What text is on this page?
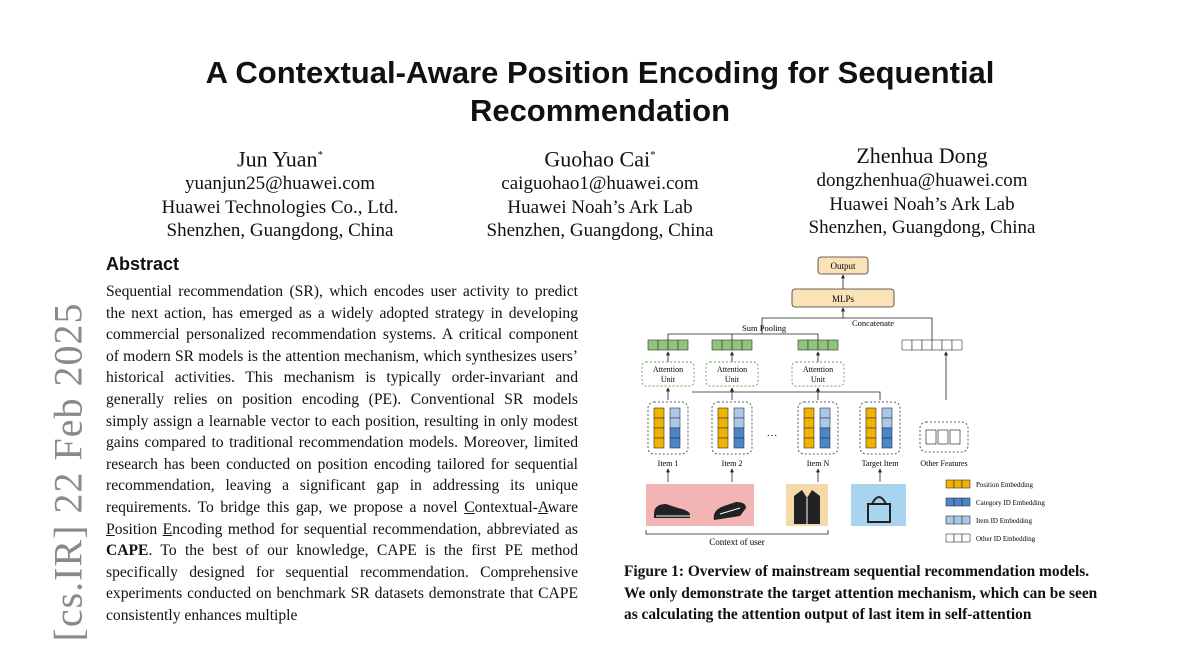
[cs.IR] 22 Feb 2025
A Contextual-Aware Position Encoding for Sequential Recommendation
Jun Yuan*
yuanjun25@huawei.com
Huawei Technologies Co., Ltd.
Shenzhen, Guangdong, China
Guohao Cai*
caiguohao1@huawei.com
Huawei Noah’s Ark Lab
Shenzhen, Guangdong, China
Zhenhua Dong
dongzhenhua@huawei.com
Huawei Noah’s Ark Lab
Shenzhen, Guangdong, China
Abstract
Sequential recommendation (SR), which encodes user activity to predict the next action, has emerged as a widely adopted strategy in developing commercial personalized recommendation systems. A critical component of modern SR models is the attention mechanism, which synthesizes users’ historical activities. This mechanism is typically order-invariant and generally relies on position encoding (PE). Conventional SR models simply assign a learnable vector to each position, resulting in only modest gains compared to traditional recommendation models. Moreover, limited research has been conducted on position encoding tailored for sequential recommendation, leaving a significant gap in addressing its unique requirements. To bridge this gap, we propose a novel Contextual-Aware Position Encoding method for sequential recommendation, abbreviated as CAPE. To the best of our knowledge, CAPE is the first PE method specifically designed for sequential recommendation. Comprehensive experiments conducted on benchmark SR datasets demonstrate that CAPE consistently enhances multiple
Output
MLPs
Concatenate
Sum Pooling
Attention
Unit
Attention
Unit
Attention
Unit
···
Item 1	Item 2	Item N	Target Item	Other Features
Context of user
Position Embedding
Category ID Embedding
Item ID Embedding
Other ID Embedding
Figure 1: Overview of mainstream sequential recommendation models. We only demonstrate the target attention mechanism, which can be seen as calculating the attention output of last item in self-attention
